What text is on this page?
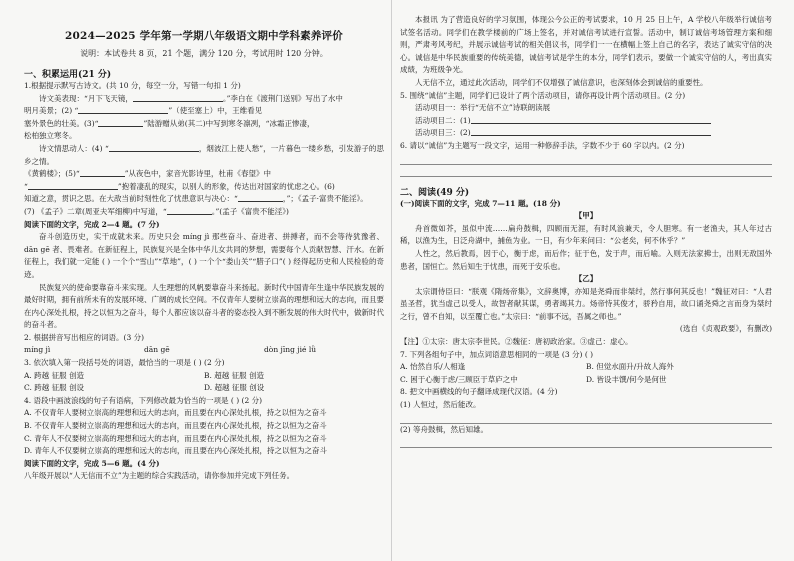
2024—2025 学年第一学期八年级语文期中学科素养评价
说明：本试卷共 8 页，21 个题，满分 120 分，考试用时 120 分钟。
一、积累运用(21 分)
1.根据提示默写古诗文。(共 10 分，每空一分，写错一句扣 1 分)
诗文美表现：“月下飞天镜，	。”李白在《渡荆门送别》写出了水中
明月美景；(2) “	”（使至塞上）中，王维看见
塞外景色的壮美。(3)“	”陆游赠从弟(其二)中写到寒冬凛冽，“冰霜正惨凄，
松柏独立寒冬。
诗文情思动人：(4) “	，烟波江上使人愁”，一片暮色一缕乡愁，引发游子的思乡之情。
《黄鹤楼》；(5)“	”从夜色中，家音光影诗里，杜甫《春望》中
“	”抱着凄乱的现实，以别人的形象，传达出对国家的忧虑之心。(6)
知道之意，贯识之思。在大敌当前时刻性化了忧患意识与决心：“	，”；《孟子·富贵不能淫》。
(7) 《孟子》二章(周亚夫军细柳)中写道，“	。”(孟子《富贵不能淫》)
阅读下面的文字，完成 2—4 题。(7 分)
奋斗创造历史，实干成就未来。历史只会 míng jì 那些奋斗、奋进者、拼搏者，而不会等待犹豫者、dān gē 者、畏难者。在新征程上，民族复兴是全体中华儿女共同的梦想，需要每个人贡献智慧、汗水。在新征程上，我们就一定能 ( ) 一个个“雪山”“草地”，( ) 一个个“娄山关”“腊子口”( ) 经得起历史和人民检验的奇迹。
民族复兴的使命要靠奋斗来实现。人生理想的风帆要靠奋斗来扬起。新时代中国青年生逢中华民族发展的最好时期，拥有前所未有的发展环境、广阔的成长空间。不仅青年人要树立崇高的理想和远大的志向，而且要在内心深处扎根，持之以恒为之奋斗，每个人都应该以奋斗者的姿态投入到不断发展的伟大时代中，做新时代的奋斗者。
2. 根据拼音写出相应的词语。(3 分)
míng jì	dān gē	dòn jīng jié lǜ
3. 依次填入第一段括号处的词语，最恰当的一项是 ( ) (2 分)
A. 跨越 征服 创造	B. 超越 征服 创造
C. 跨越 征服 创设	D. 超越 征服 创设
4. 语段中画波浪线的句子有语病，下列修改最为恰当的一项是 ( ) (2 分)
A. 不仅青年人要树立崇高的理想和远大的志向，而且要在内心深处扎根，持之以恒为之奋斗
B. 不仅青年人要树立崇高的理想和远大的志向，而且要在内心深处扎根，持之以恒为之奋斗
C. 青年人不仅要树立崇高的理想和远大的志向，而且要在内心深处扎根，持之以恒为之奋斗
D. 青年人不仅要树立崇高的理想和远大的志向，而且要在内心深处扎根，持之以恒为之奋斗
阅读下面的文字，完成 5—6 题。(4 分)
八年级开展以“人无信而不立”为主题的综合实践活动，请你参加并完成下列任务。
本报讯 为了营造良好的学习氛围，体现公今公正的考试要求，10 月 25 日上午，A 学校八年级举行诚信考试签名活动。同学们在教学楼前的广场上签名，并对诚信考试进行宣誓。活动中，制订诚信考场管理方案和细则，严肃考风考纪，并展示诚信考试的相关倡议书，同学们一一在横幅上签上自己的名字，表达了诚实守信的决心。诚信是中华民族重要的传统美德，诚信考试是学生的本分，同学们表示，要做一个诚实守信的人，考出真实成绩，为班级争光。
人无信不立，通过此次活动，同学们不仅增强了诚信意识，也深刻体会到诚信的重要性。
5. 围绕“诚信”主题，同学们已设计了两个活动项目，请你再设计两个活动项目。(2 分)
活动项目一：举行“无信不立”诗联朗读展
活动项目二：(1)
活动项目三：(2)
6. 请以“诚信”为主题写一段文字，运用一种修辞手法，字数不少于 60 字以内。(2 分)
二、阅读(49 分)
(一)阅读下面的文字，完成 7—11 题。(18 分)
【甲】
舟首微如芥，虽似中流……扁舟鼓楫，四顾而无涯，有时风浪兼天，令人胆寒。有一老渔夫，其人年过古稀，以渔为生，日泛舟湖中，捕鱼为业。一日，有少年来问曰：“公老矣，何不休乎？”
人性之，然后教焉，因于心，衡于虑，而后作；征于色，发于声，而后喻。入则无法家拂士，出则无敌国外患者，国恒亡。然后知生于忧患，而死于安乐也。
【乙】
太宗谓侍臣曰：“朕观《隋炀帝集》，文辞奥博，亦知是尧舜而非桀纣，然行事何其反也！”魏征对曰：“人君虽圣哲，犹当虚己以受人，故智者献其谋，勇者竭其力。炀帝恃其俊才，骄矜自用，故口诵尧舜之言而身为桀纣之行，曾不自知，以至覆亡也。”太宗曰：“前事不远，吾属之师也。”
(选自《贞观政要》，有删改)
【注】①太宗：唐太宗李世民。②魏征：唐初政治家。③虚己：虚心。
7. 下列各组句子中，加点词语意思相同的一项是 (3 分) ( )
A. 怡然自乐/人相逢	B. 但觉水面升/升故人海外
C. 困于心衡于虑/三顾臣于草庐之中	D. 皆设丰馔/何今是何世
8. 把文中画横线的句子翻译成现代汉语。(4 分)
(1) 人恒过，然后能改。
(2) 等舟鼓楫，然后知雄。
